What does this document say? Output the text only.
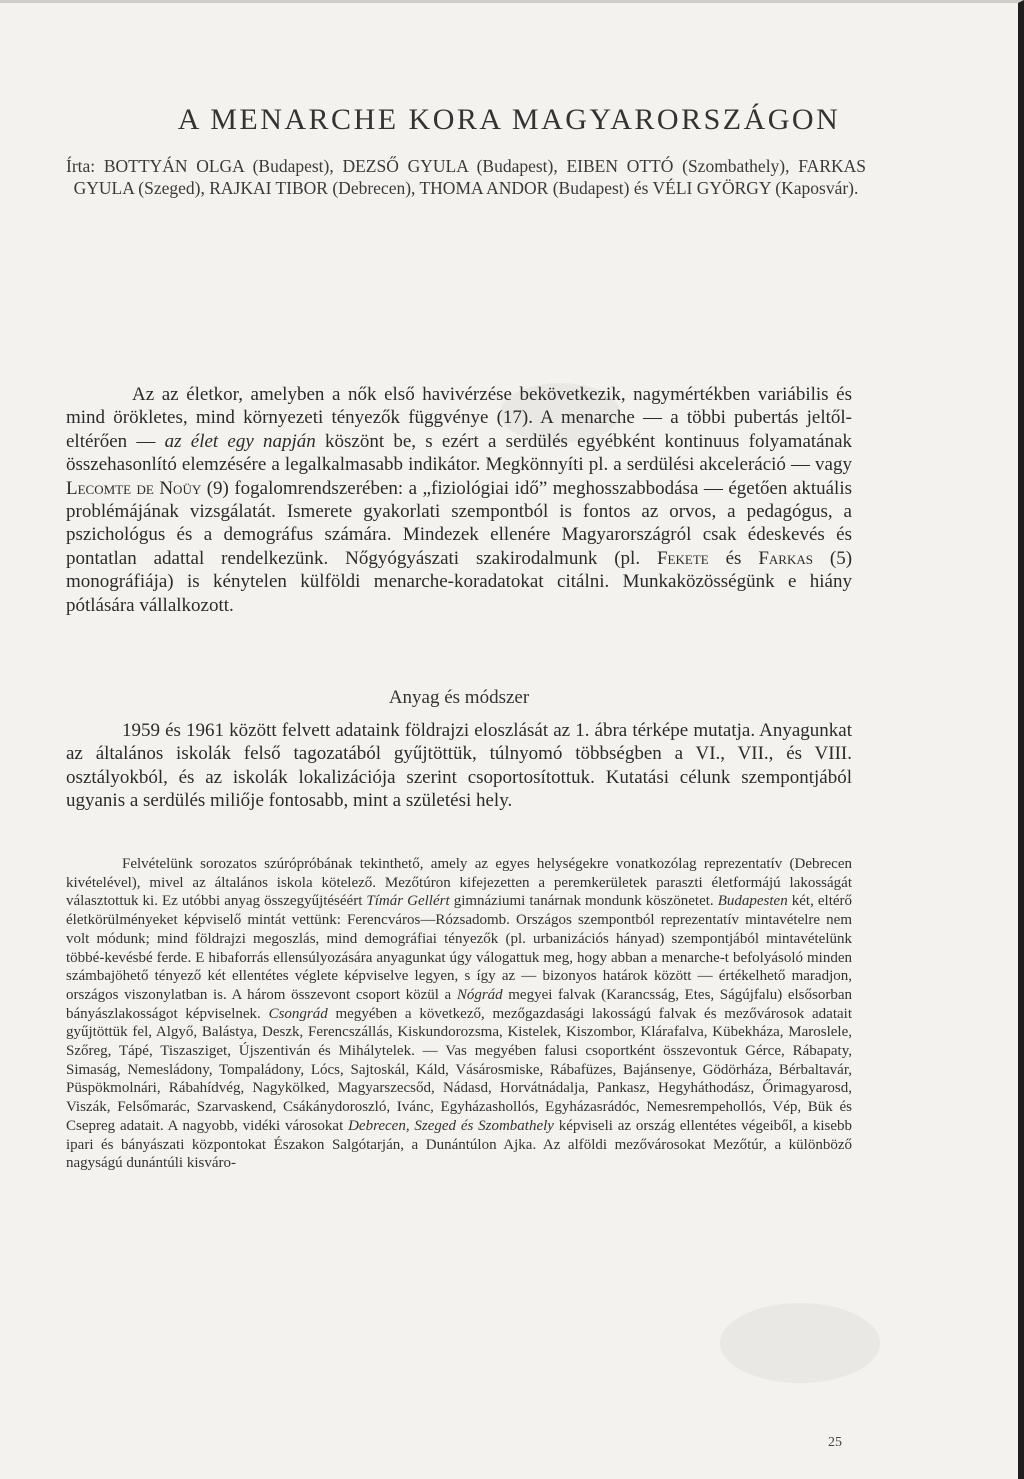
A MENARCHE KORA MAGYARORSZÁGON
Írta: BOTTYÁN OLGA (Budapest), DEZSŐ GYULA (Budapest), EIBEN OTTÓ (Szombathely), FARKAS GYULA (Szeged), RAJKAI TIBOR (Debrecen), THOMA ANDOR (Budapest) és VÉLI GYÖRGY (Kaposvár).

Az az életkor, amelyben a nők első havivérzése bekövetkezik, nagymértékben variábilis és mind örökletes, mind környezeti tényezők függvénye (17). A menarche — a többi pubertás jeltől-eltérően — az élet egy napján köszönt be, s ezért a serdülés egyébként kontinuus folyamatának összehasonlító elemzésére a legalkalmasabb indikátor. Megkönnyíti pl. a serdülési akceleráció — vagy Lecomte de Noüy (9) fogalomrendszerében: a „fiziológiai idő” meghosszabbodása — égetően aktuális problémájának vizsgálatát. Ismerete gyakorlati szempontból is fontos az orvos, a pedagógus, a pszichológus és a demográfus számára. Mindezek ellenére Magyarországról csak édeskevés és pontatlan adattal rendelkezünk. Nőgyógyászati szakirodalmunk (pl. Fekete és Farkas (5) monográfiája) is kénytelen külföldi menarche-koradatokat citálni. Munkaközösségünk e hiány pótlására vállalkozott.

Anyag és módszer

1959 és 1961 között felvett adataink földrajzi eloszlását az 1. ábra térképe mutatja. Anyagunkat az általános iskolák felső tagozatából gyűjtöttük, túlnyomó többségben a VI., VII., és VIII. osztályokból, és az iskolák lokalizációja szerint csoportosítottuk. Kutatási célunk szempontjából ugyanis a serdülés miliője fontosabb, mint a születési hely.

Felvételünk sorozatos szúrópróbának tekinthető, amely az egyes helységekre vonatkozólag reprezentatív (Debrecen kivételével), mivel az általános iskola kötelező. Mezőtúron kifejezetten a peremkerületek paraszti életformájú lakosságát választottuk ki. Ez utóbbi anyag összegyűjtéséért Tímár Gellért gimnáziumi tanárnak mondunk köszönetet. Budapesten két, eltérő életkörülményeket képviselő mintát vettünk: Ferencváros—Rózsadomb. Országos szempontból reprezentatív mintavételre nem volt módunk; mind földrajzi megoszlás, mind demográfiai tényezők (pl. urbanizációs hányad) szempontjából mintavételünk többé-kevésbé ferde. E hibaforrás ellensúlyozására anyagunkat úgy válogattuk meg, hogy abban a menarche-t befolyásoló minden számbajöhető tényező két ellentétes véglete képviselve legyen, s így az — bizonyos határok között — értékelhető maradjon, országos viszonylatban is. A három összevont csoport közül a Nógrád megyei falvak (Karancsság, Etes, Ságújfalu) elsősorban bányászlakosságot képviselnek. Csongrád megyében a következő, mezőgazdasági lakosságú falvak és mezővárosok adatait gyűjtöttük fel, Algyő, Balástya, Deszk, Ferencszállás, Kiskundorozsma, Kistelek, Kiszombor, Klárafalva, Kübekháza, Maroslele, Szőreg, Tápé, Tiszasziget, Újszentiván és Mihálytelek. — Vas megyében falusi csoportként összevontuk Gérce, Rábapaty, Simaság, Nemesládony, Tompaládony, Lócs, Sajtoskál, Káld, Vásárosmiske, Rábafüzes, Bajánsenye, Gödörháza, Bérbaltavár, Püspökmolnári, Rábahídvég, Nagykölked, Magyarszecsőd, Nádasd, Horvátnádalja, Pankasz, Hegyháthodász, Őrimagyarosd, Viszák, Felsőmarác, Szarvaskend, Csákánydoroszló, Ivánc, Egyházashollós, Egyházasrádóc, Nemesrempehollós, Vép, Bük és Csepreg adatait. A nagyobb, vidéki városokat Debrecen, Szeged és Szombathely képviseli az ország ellentétes végeiből, a kisebb ipari és bányászati központokat Északon Salgótarján, a Dunántúlon Ajka. Az alföldi mezővárosokat Mezőtúr, a különböző nagyságú dunántúli kisváro-

25
